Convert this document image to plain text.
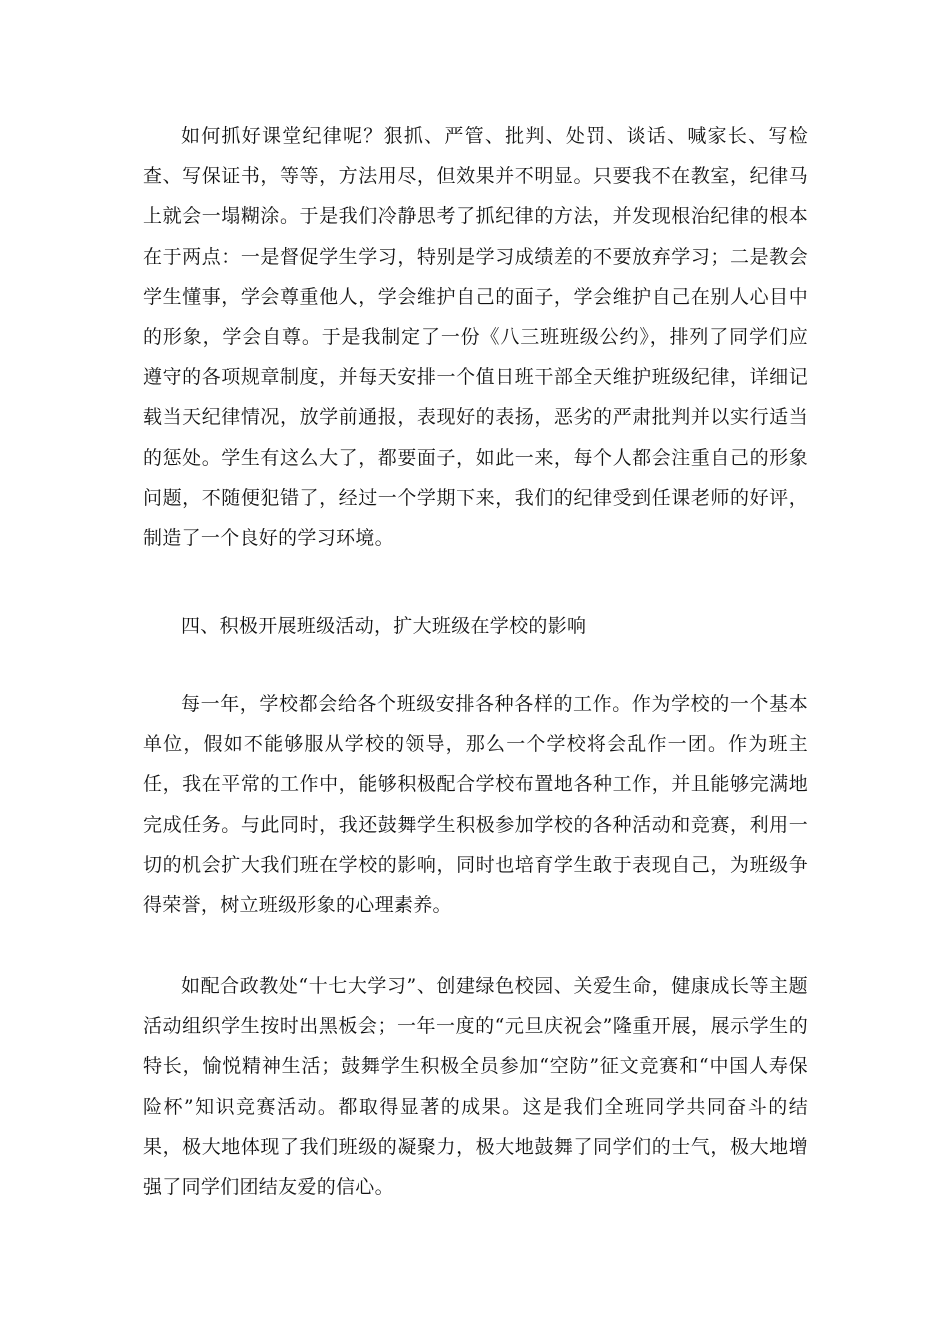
如何抓好课堂纪律呢？狠抓、严管、批判、处罚、谈话、喊家长、写检查、写保证书，等等，方法用尽，但效果并不明显。只要我不在教室，纪律马上就会一塌糊涂。于是我们冷静思考了抓纪律的方法，并发现根治纪律的根本在于两点：一是督促学生学习，特别是学习成绩差的不要放弃学习；二是教会学生懂事，学会尊重他人，学会维护自己的面子，学会维护自己在别人心目中的形象，学会自尊。于是我制定了一份《八三班班级公约》，排列了同学们应遵守的各项规章制度，并每天安排一个值日班干部全天维护班级纪律，详细记载当天纪律情况，放学前通报，表现好的表扬，恶劣的严肃批判并以实行适当的惩处。学生有这么大了，都要面子，如此一来，每个人都会注重自己的形象问题，不随便犯错了，经过一个学期下来，我们的纪律受到任课老师的好评，制造了一个良好的学习环境。

四、积极开展班级活动，扩大班级在学校的影响

每一年，学校都会给各个班级安排各种各样的工作。作为学校的一个基本单位，假如不能够服从学校的领导，那么一个学校将会乱作一团。作为班主任，我在平常的工作中，能够积极配合学校布置地各种工作，并且能够完满地完成任务。与此同时，我还鼓舞学生积极参加学校的各种活动和竞赛，利用一切的机会扩大我们班在学校的影响，同时也培育学生敢于表现自己，为班级争得荣誉，树立班级形象的心理素养。

如配合政教处“十七大学习”、创建绿色校园、关爱生命，健康成长等主题活动组织学生按时出黑板会；一年一度的“元旦庆祝会”隆重开展，展示学生的特长，愉悦精神生活；鼓舞学生积极全员参加“空防”征文竞赛和“中国人寿保险杯”知识竞赛活动。都取得显著的成果。这是我们全班同学共同奋斗的结果，极大地体现了我们班级的凝聚力，极大地鼓舞了同学们的士气，极大地增强了同学们团结友爱的信心。
